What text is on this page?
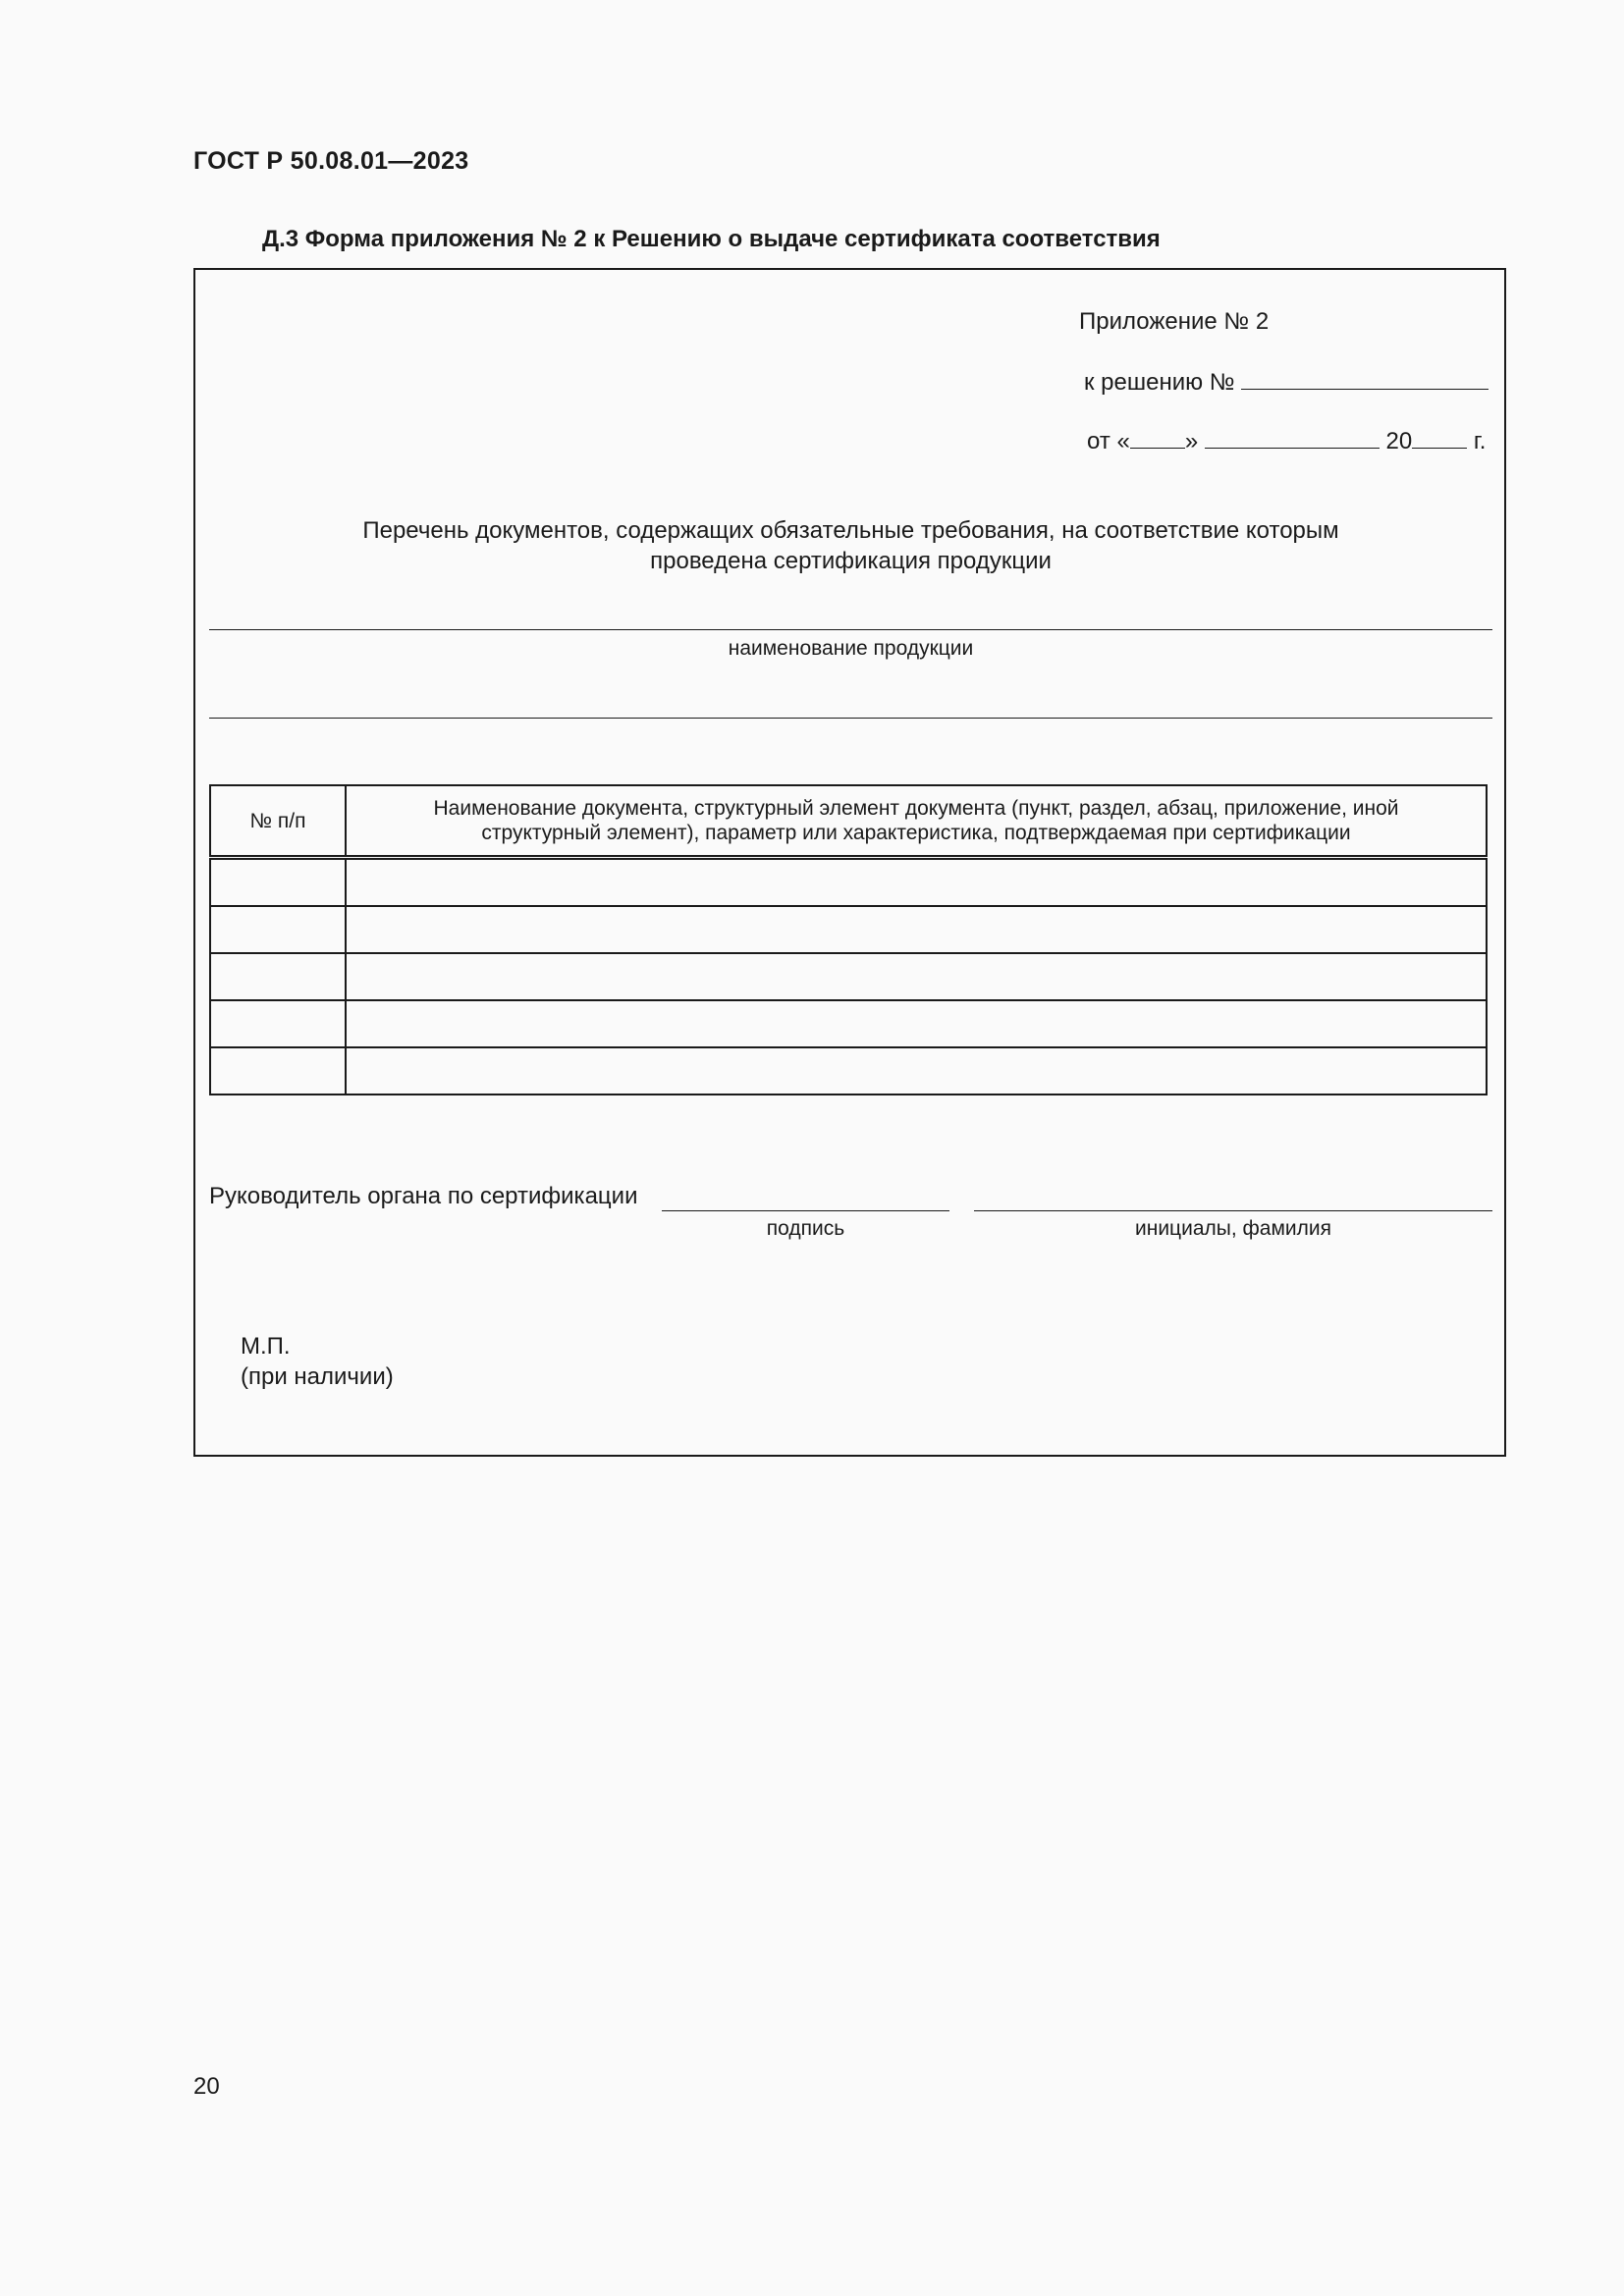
ГОСТ Р 50.08.01—2023
Д.3 Форма приложения № 2 к Решению о выдаче сертификата соответствия
Приложение № 2
к решению №
от « »	20	г.
Перечень документов, содержащих обязательные требования, на соответствие которым
проведена сертификация продукции
наименование продукции
№ п/п	Наименование документа, структурный элемент документа (пункт, раздел, абзац, приложение, иной
структурный элемент), параметр или характеристика, подтверждаемая при сертификации

Руководитель органа по сертификации
подпись	инициалы, фамилия
М.П.
(при наличии)
20
